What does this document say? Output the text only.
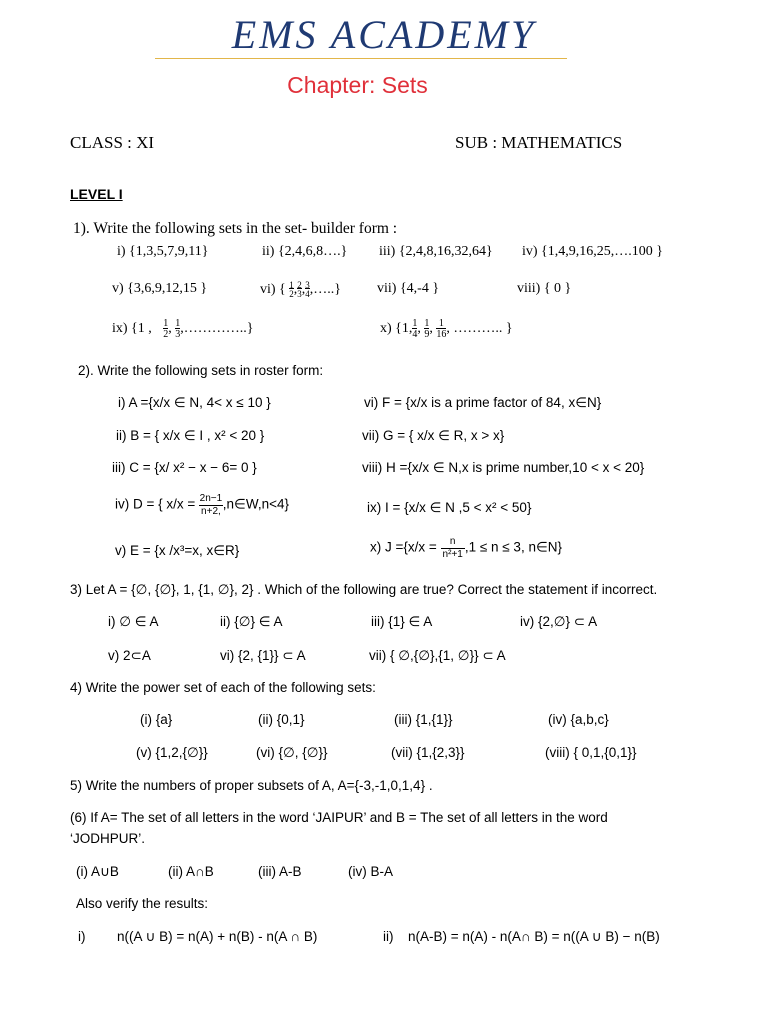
EMS ACADEMY
Chapter: Sets
CLASS : XI	SUB : MATHEMATICS
LEVEL I
1). Write the following sets in the set- builder form :
i) {1,3,5,7,9,11}	ii) {2,4,6,8….} iii) {2,4,8,16,32,64} iv) {1,4,9,16,25,….100 }
v) {3,6,9,12,15 }	vi) { $\frac{1}{2},\frac{2}{3},\frac{3}{4},\dots$..}	vii) {4,-4 }	viii) { 0 }
ix) {1 , $\frac{1}{2}$, $\frac{1}{3},\dots\dots\dots\dots$..}	x) {$1,\frac{1}{4}$, $\frac{1}{9}$, $\frac{1}{16}$, ……….. }
2). Write the following sets in roster form:
i) A ={x/x ∈ N, 4< x ≤ 10 }	vi) F = {x/x is a prime factor of 84, x∈N}
ii) B = { x/x ∈ I , x² < 20 }	vii) G = { x/x ∈ R, x > x}
iii) C = {x/ x² − x − 6= 0 }	viii) H ={x/x ∈ N,x is prime number,10 < x < 20}
iv) D = { $x/x = \frac{2n-1}{n+2,},n\in W,n<4$}	ix) I = {x/x ∈ N ,5 < x² < 50}
v) E = {x /x³=x, x∈R}	x) $J =\{x/x = \frac{n}{\text{n²+1}},1 \le n \le 3$, n∈N}
3) Let A = {∅, {∅}, 1, {1, ∅}, 2} . Which of the following are true? Correct the statement if incorrect.
i) ∅ ∈ A	ii) {∅} ∈ A	iii) {1} ∈ A	iv) {2,∅} ⊂ A
v) 2⊂A	vi) {2, {1}} ⊂ A	vii) { ∅,{∅},{1, ∅}} ⊂ A
4) Write the power set of each of the following sets:
(i) {a}	(ii) {0,1}	(iii) {1,{1}}	(iv) {a,b,c}
(v) {1,2,{∅}}	(vi) {∅, {∅}}	(vii) {1,{2,3}}	(viii) { 0,1,{0,1}}
5) Write the numbers of proper subsets of A, A={-3,-1,0,1,4} .
(6) If A= The set of all letters in the word ‘JAIPUR’ and B = The set of all letters in the word
‘JODHPUR’.
(i) A∪B	(ii) A∩B	(iii) A-B	(iv) B-A
Also verify the results:
i) n((A ∪ B) = n(A) + n(B) - n(A ∩ B)	ii) n(A-B) = n(A) - n(A∩ B) = n((A ∪ B) − n(B)
